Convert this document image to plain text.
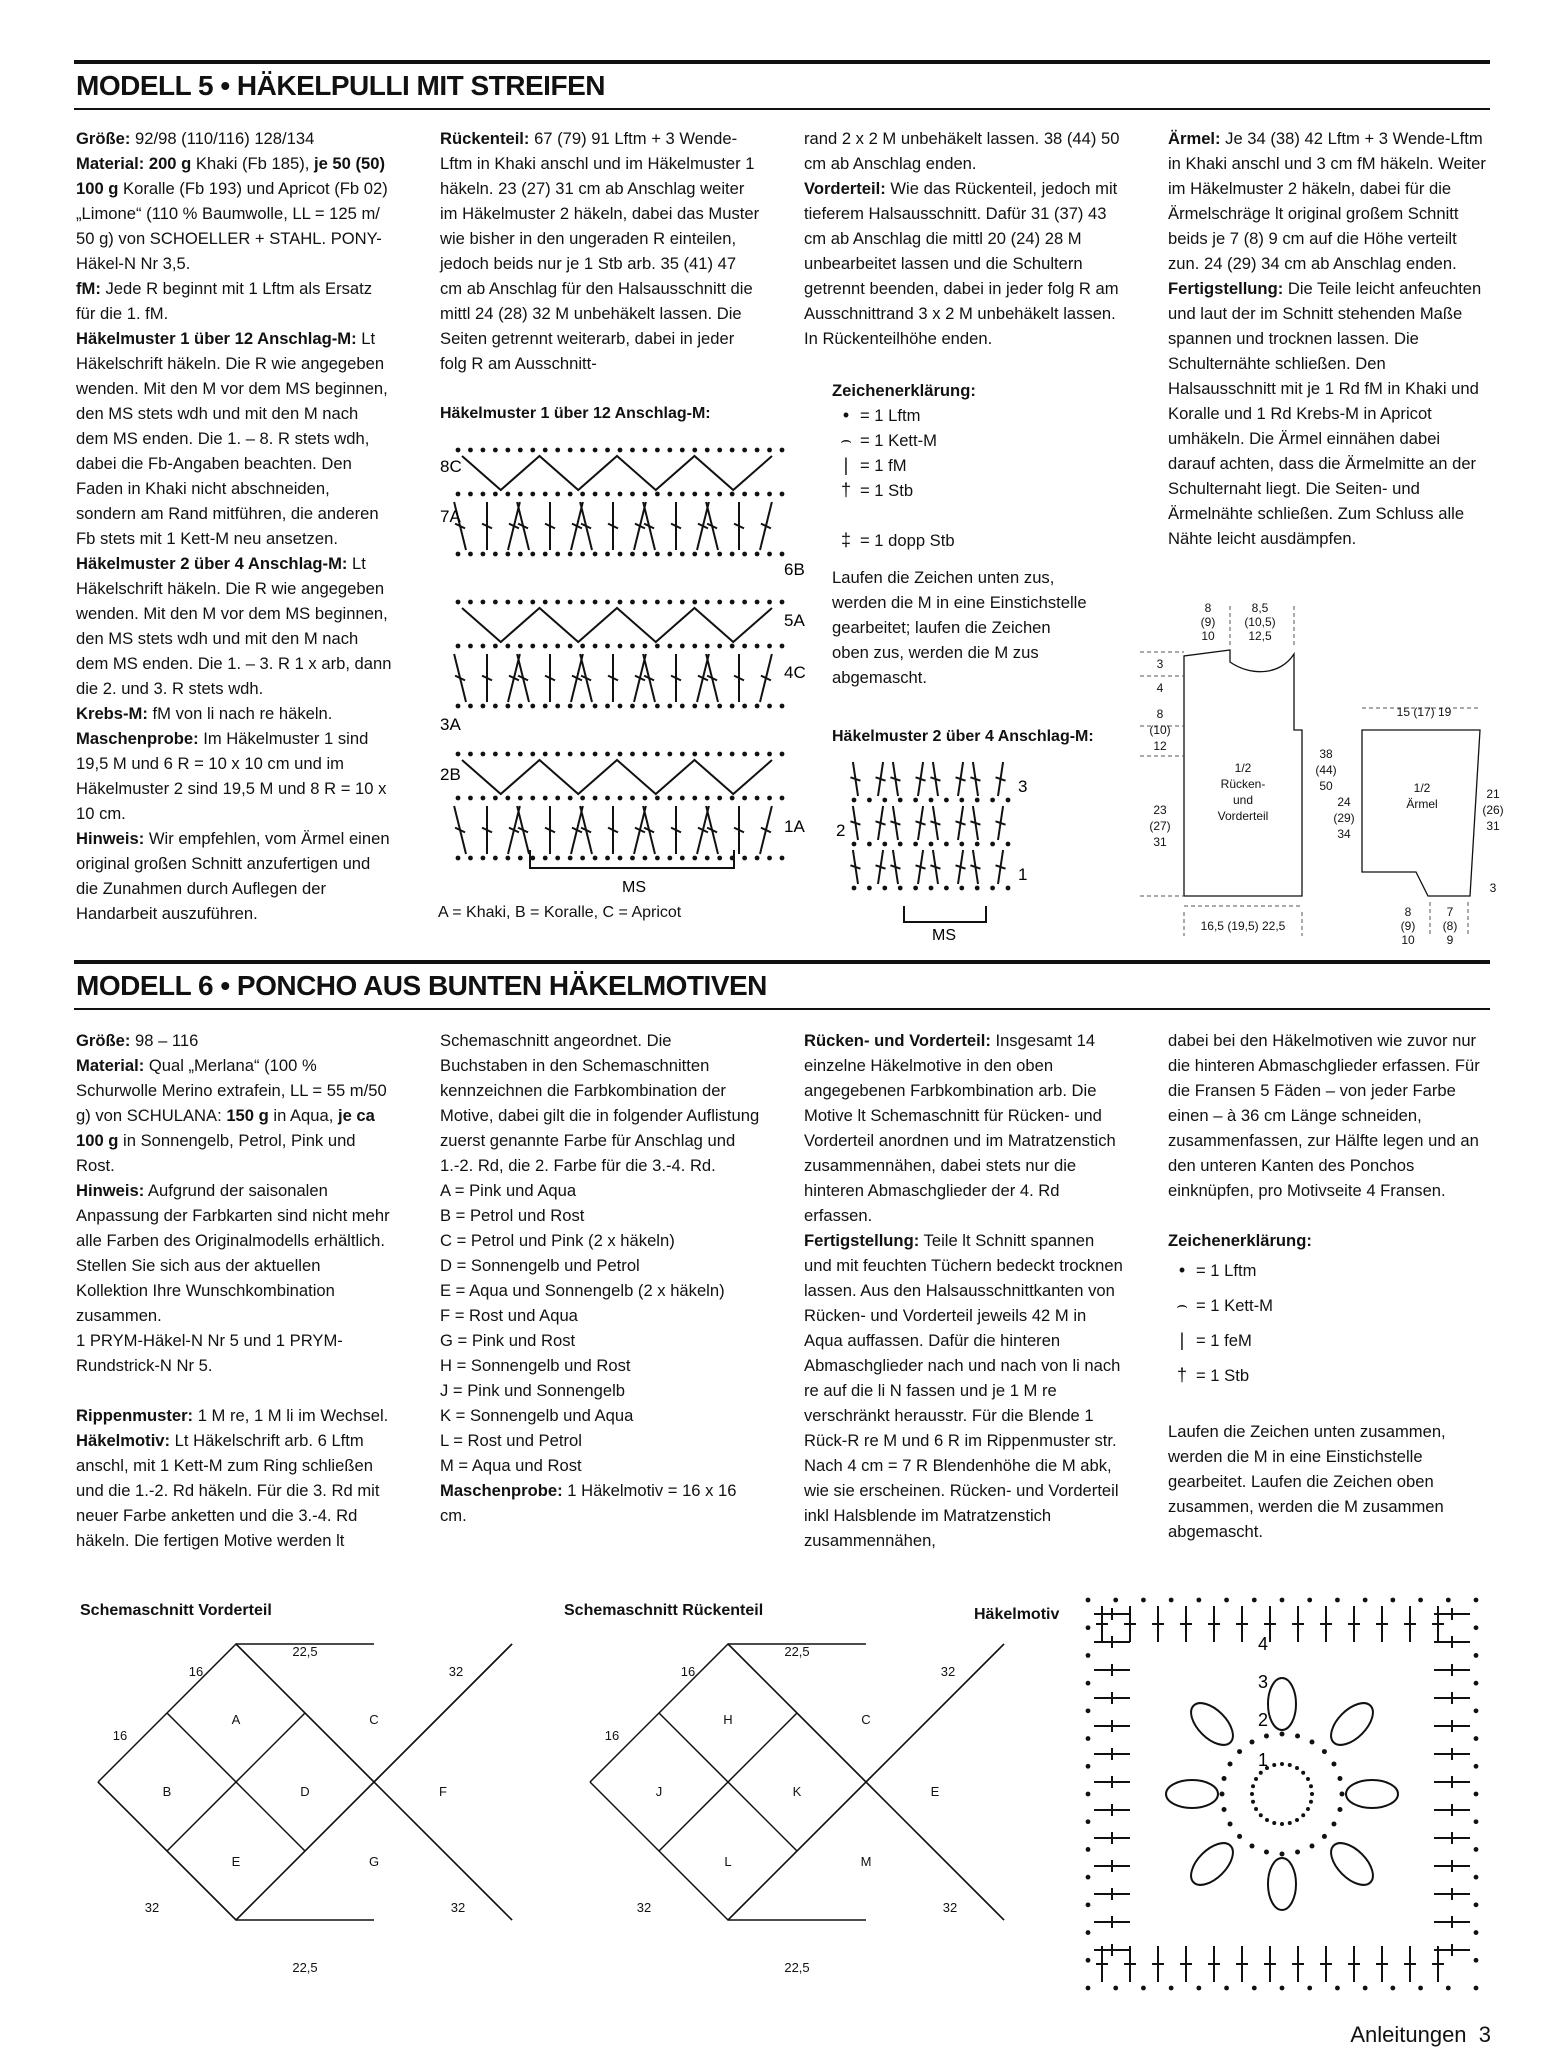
MODELL 5 • HÄKELPULLI MIT STREIFEN

Größe: 92/98 (110/116) 128/134

Material: 200 g Khaki (Fb 185), je 50 (50) 100 g Koralle (Fb 193) und Apricot (Fb 02) „Limone“ (110 % Baumwolle, LL = 125 m/ 50 g) von SCHOELLER + STAHL. PONY-Häkel-N Nr 3,5.

fM: Jede R beginnt mit 1 Lftm als Ersatz für die 1. fM.

Häkelmuster 1 über 12 Anschlag-M: Lt Häkelschrift häkeln. Die R wie angegeben wenden. Mit den M vor dem MS beginnen, den MS stets wdh und mit den M nach dem MS enden. Die 1. – 8. R stets wdh, dabei die Fb-Angaben beachten. Den Faden in Khaki nicht abschneiden, sondern am Rand mitführen, die anderen Fb stets mit 1 Kett-M neu ansetzen.

Häkelmuster 2 über 4 Anschlag-M: Lt Häkelschrift häkeln. Die R wie angegeben wenden. Mit den M vor dem MS beginnen, den MS stets wdh und mit den M nach dem MS enden. Die 1. – 3. R 1 x arb, dann die 2. und 3. R stets wdh.

Krebs-M: fM von li nach re häkeln.

Maschenprobe: Im Häkelmuster 1 sind 19,5 M und 6 R = 10 x 10 cm und im Häkelmuster 2 sind 19,5 M und 8 R = 10 x 10 cm.

Hinweis: Wir empfehlen, vom Ärmel einen original großen Schnitt anzufertigen und die Zunahmen durch Auflegen der Handarbeit auszuführen.

Rückenteil: 67 (79) 91 Lftm + 3 Wende-Lftm in Khaki anschl und im Häkelmuster 1 häkeln. 23 (27) 31 cm ab Anschlag weiter im Häkelmuster 2 häkeln, dabei das Muster wie bisher in den ungeraden R einteilen, jedoch beids nur je 1 Stb arb. 35 (41) 47 cm ab Anschlag für den Halsausschnitt die mittl 24 (28) 32 M unbehäkelt lassen. Die Seiten getrennt weiterarb, dabei in jeder folg R am Ausschnitt-

rand 2 x 2 M unbehäkelt lassen. 38 (44) 50 cm ab Anschlag enden.

Vorderteil: Wie das Rückenteil, jedoch mit tieferem Halsausschnitt. Dafür 31 (37) 43 cm ab Anschlag die mittl 20 (24) 28 M unbearbeitet lassen und die Schultern getrennt beenden, dabei in jeder folg R am Ausschnittrand 3 x 2 M unbehäkelt lassen. In Rückenteilhöhe enden.

Ärmel: Je 34 (38) 42 Lftm + 3 Wende-Lftm in Khaki anschl und 3 cm fM häkeln. Weiter im Häkelmuster 2 häkeln, dabei für die Ärmelschräge lt original großem Schnitt beids je 7 (8) 9 cm auf die Höhe verteilt zun. 24 (29) 34 cm ab Anschlag enden.

Fertigstellung: Die Teile leicht anfeuchten und laut der im Schnitt stehenden Maße spannen und trocknen lassen. Die Schulternähte schließen. Den Halsausschnitt mit je 1 Rd fM in Khaki und Koralle und 1 Rd Krebs-M in Apricot umhäkeln. Die Ärmel einnähen dabei darauf achten, dass die Ärmelmitte an der Schulternaht liegt. Die Seiten- und Ärmelnähte schließen. Zum Schluss alle Nähte leicht ausdämpfen.

Häkelmuster 1 über 12 Anschlag-M:
8C
7A
3A
2B
6B
5A
4C
1A
MS
A = Khaki, B = Koralle, C = Apricot

Zeichenerklärung:

• = 1 Lftm
⌢ = 1 Kett-M
| = 1 fM
† = 1 Stb
‡ = 1 dopp Stb

Laufen die Zeichen unten zus, werden die M in eine Einstichstelle gearbeitet; laufen die Zeichen oben zus, werden die M zus abgemascht.

Häkelmuster 2 über 4 Anschlag-M:
3
2
1
MS
1/2
Rücken-
und
Vorderteil
1/2
Ärmel
8
(9)
10
8,5
(10,5)
12,5
3
4
8
(10)
12
23
(27)
31
38
(44)
50
24
(29)
34
15 (17) 19
21
(26)
31
3
16,5 (19,5) 22,5
8
(9)
10
7
(8)
9
MODELL 6 • PONCHO AUS BUNTEN HÄKELMOTIVEN

Größe: 98 – 116

Material: Qual „Merlana“ (100 % Schurwolle Merino extrafein, LL = 55 m/50 g) von SCHULANA: 150 g in Aqua, je ca 100 g in Sonnengelb, Petrol, Pink und Rost.

Hinweis: Aufgrund der saisonalen Anpassung der Farbkarten sind nicht mehr alle Farben des Originalmodells erhältlich. Stellen Sie sich aus der aktuellen Kollektion Ihre Wunschkombination zusammen.

1 PRYM-Häkel-N Nr 5 und 1 PRYM-Rundstrick-N Nr 5.

Rippenmuster: 1 M re, 1 M li im Wechsel.

Häkelmotiv: Lt Häkelschrift arb. 6 Lftm anschl, mit 1 Kett-M zum Ring schließen und die 1.-2. Rd häkeln. Für die 3. Rd mit neuer Farbe anketten und die 3.-4. Rd häkeln. Die fertigen Motive werden lt

Schemaschnitt angeordnet. Die Buchstaben in den Schemaschnitten kennzeichnen die Farbkombination der Motive, dabei gilt die in folgender Auflistung zuerst genannte Farbe für Anschlag und 1.-2. Rd, die 2. Farbe für die 3.-4. Rd.

A = Pink und Aqua

B = Petrol und Rost

C = Petrol und Pink (2 x häkeln)

D = Sonnengelb und Petrol

E = Aqua und Sonnengelb (2 x häkeln)

F = Rost und Aqua

G = Pink und Rost

H = Sonnengelb und Rost

J = Pink und Sonnengelb

K = Sonnengelb und Aqua

L = Rost und Petrol

M = Aqua und Rost

Maschenprobe: 1 Häkelmotiv = 16 x 16 cm.

Rücken- und Vorderteil: Insgesamt 14 einzelne Häkelmotive in den oben angegebenen Farbkombination arb. Die Motive lt Schemaschnitt für Rücken- und Vorderteil anordnen und im Matratzenstich zusammennähen, dabei stets nur die hinteren Abmaschglieder der 4. Rd erfassen.

Fertigstellung: Teile lt Schnitt spannen und mit feuchten Tüchern bedeckt trocknen lassen. Aus den Halsausschnittkanten von Rücken- und Vorderteil jeweils 42 M in Aqua auffassen. Dafür die hinteren Abmaschglieder nach und nach von li nach re auf die li N fassen und je 1 M re verschränkt herausstr. Für die Blende 1 Rück-R re M und 6 R im Rippenmuster str. Nach 4 cm = 7 R Blendenhöhe die M abk, wie sie erscheinen. Rücken- und Vorderteil inkl Halsblende im Matratzenstich zusammennähen,

dabei bei den Häkelmotiven wie zuvor nur die hinteren Abmaschglieder erfassen. Für die Fransen 5 Fäden – von jeder Farbe einen – à 36 cm Länge schneiden, zusammenfassen, zur Hälfte legen und an den unteren Kanten des Ponchos einknüpfen, pro Motivseite 4 Fransen.

Zeichenerklärung:

• = 1 Lftm
⌢ = 1 Kett-M
| = 1 feM
† = 1 Stb

Laufen die Zeichen unten zusammen, werden die M in eine Einstichstelle gearbeitet. Laufen die Zeichen oben zusammen, werden die M zusammen abgemascht.

Schemaschnitt Vorderteil
A	C
B	D	F
E	G
22,5
16
16
32
32	32
22,5
Schemaschnitt Rückenteil
H	C
J	K	E
L	M
22,5
16
16
32
32	32
22,5
Häkelmotiv
4
3
2
1
Anleitungen  3
